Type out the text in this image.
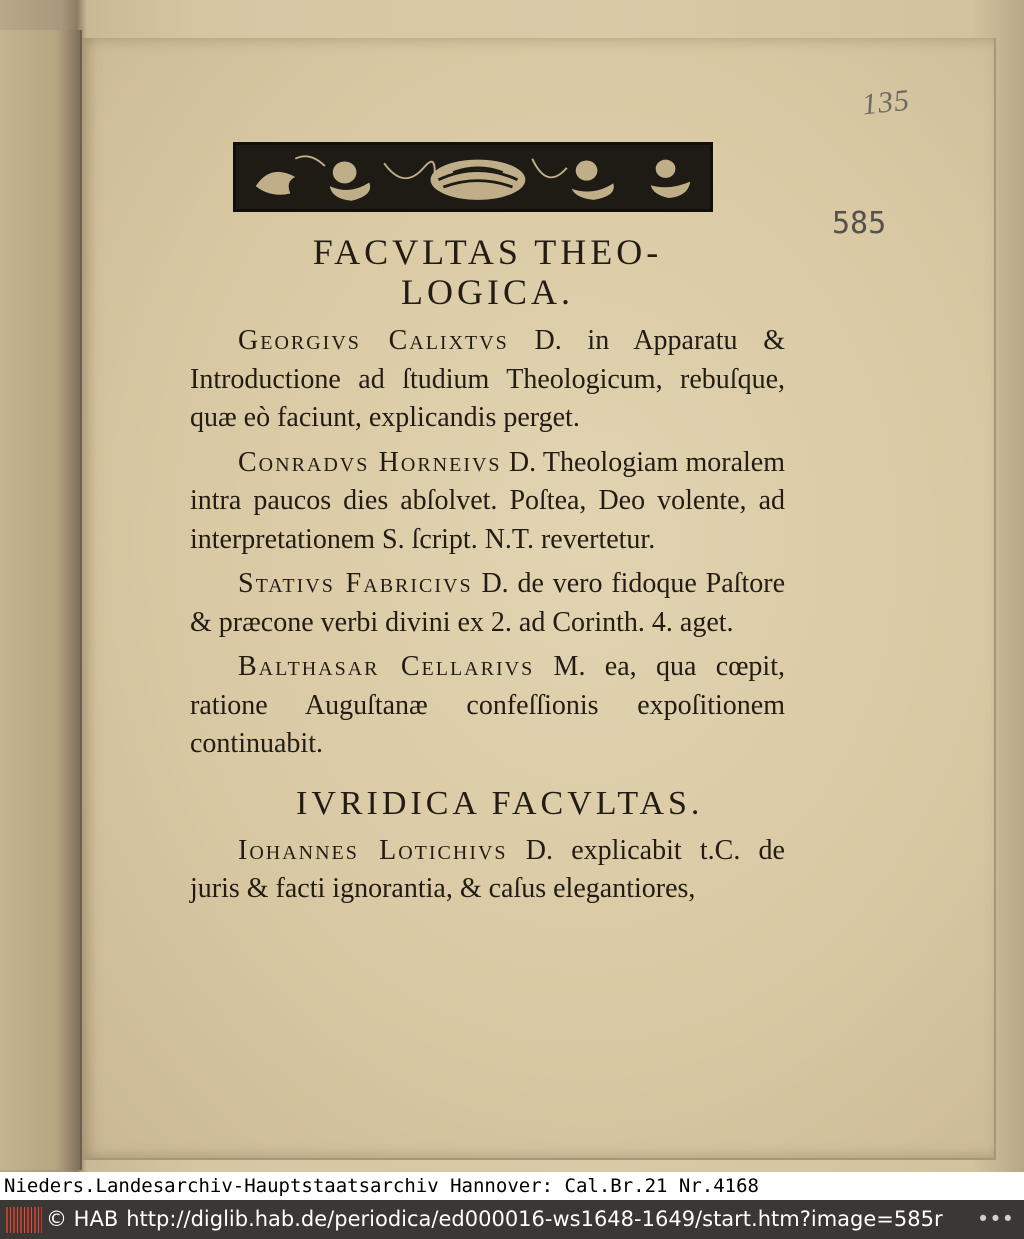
135
585

FACVLTAS THEO-
LOGICA.

Georgivs Calixtvs D. in Apparatu & Introductione ad ſtudium Theologicum, rebuſque, quæ eò faciunt, explicandis perget.

Conradvs Horneivs D. Theologiam moralem intra paucos dies abſolvet. Poſtea, Deo volente, ad interpretationem S. ſcript. N.T. revertetur.

Stativs Fabricivs D. de vero fidoque Paſtore & præcone verbi divini ex 2. ad Corinth. 4. aget.

Balthasar Cellarivs M. ea, qua cœpit, ratione Auguſtanæ confeſſionis expoſitionem continuabit.

IVRIDICA FACVLTAS.

Iohannes Lotichivs D. explicabit t.C. de juris & facti ignorantia, & caſus elegantiores,

Nieders.Landesarchiv-Hauptstaatsarchiv Hannover: Cal.Br.21 Nr.4168
© HAB http://diglib.hab.de/periodica/ed000016-ws1648-1649/start.htm?image=585r •••
